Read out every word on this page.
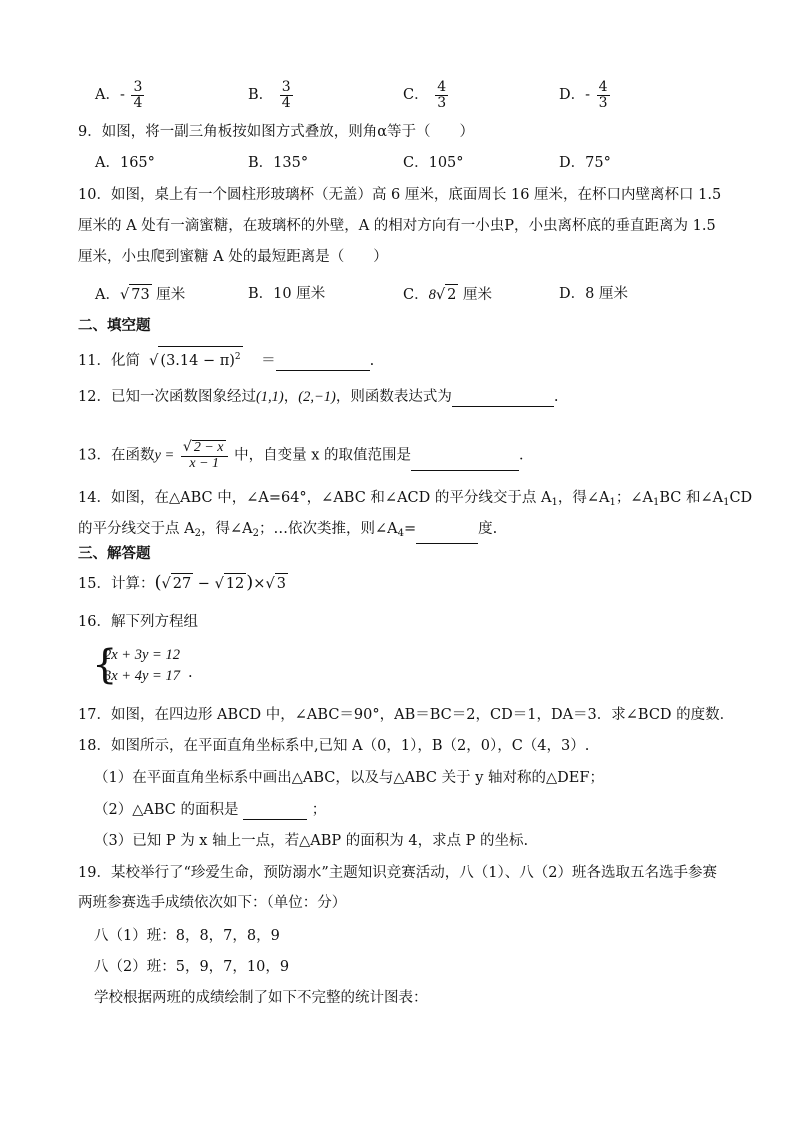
A．- $\frac{3}{4}$	B． $\frac{3}{4}$	C． $\frac{4}{3}$	D．- $\frac{4}{3}$
9．如图，将一副三角板按如图方式叠放，则角α等于（　　）
A．165°	B．135°	C．105°	D．75°
10．如图，桌上有一个圆柱形玻璃杯（无盖）高 6 厘米，底面周长 16 厘米，在杯口内壁离杯口 1.5
厘米的 A 处有一滴蜜糖，在玻璃杯的外壁，A 的相对方向有一小虫P，小虫离杯底的垂直距离为 1.5
厘米，小虫爬到蜜糖 A 处的最短距离是（　　）
A．√ 73 厘米	B．10 厘米	C．8√ 2 厘米	D．8 厘米
二、填空题
11．化简 √ $(3.14 - \pi)^2$ ＝	.
12．已知一次函数图象经过(1,1)，(2,−1)，则函数表达式为	.
13．在函数$y = \frac{√ 2 - x}{x - 1}$ 中，自变量 x 的取值范围是	．
14．如图，在△ABC 中，∠A=64°，∠ABC 和∠ACD 的平分线交于点 $A_1$，得$\angle A_1$；$\angle A_1BC$ 和$\angle A_1CD$
的平分线交于点 $A_2$，得$\angle A_2$；…依次类推，则$\angle A_4=$	度.
三、解答题
15．计算：(√ 27 − √ 12 )×√ 3
16．解下列方程组
{
2x + 3y = 12
3x + 4y = 17 .
17．如图，在四边形 ABCD 中，∠ABC＝90°，AB＝BC＝2，CD＝1，DA＝3．求∠BCD 的度数．
18．如图所示，在平面直角坐标系中,已知 A（0，1），B（2，0），C（4，3）.
（1）在平面直角坐标系中画出△ABC，以及与△ABC 关于 y 轴对称的△DEF；
（2）△ABC 的面积是	；
（3）已知 P 为 x 轴上一点，若△ABP 的面积为 4，求点 P 的坐标.
19．某校举行了“珍爱生命，预防溺水”主题知识竞赛活动，八（1）、八（2）班各选取五名选手参赛
两班参赛选手成绩依次如下：（单位：分）
八（1）班：8，8，7，8，9
八（2）班：5，9，7，10，9
学校根据两班的成绩绘制了如下不完整的统计图表：
